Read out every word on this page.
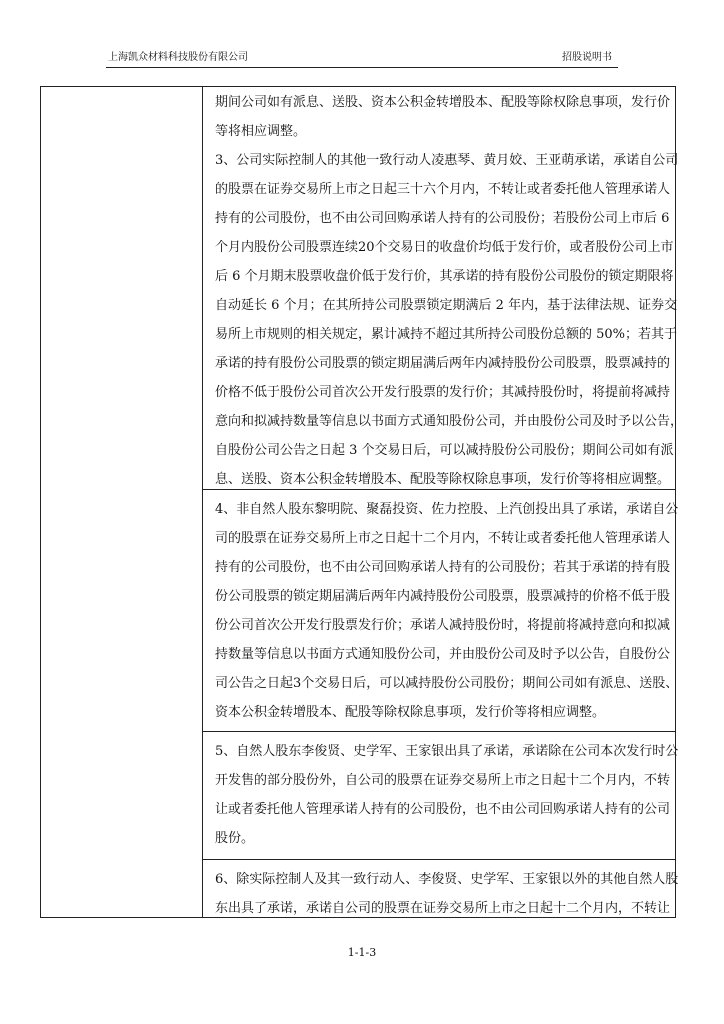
上海凯众材料科技股份有限公司	招股说明书
期间公司如有派息、送股、资本公积金转增股本、配股等除权除息事项，发行价
等将相应调整。
3、公司实际控制人的其他一致行动人凌惠琴、黄月姣、王亚萌承诺，承诺自公司
的股票在证券交易所上市之日起三十六个月内，不转让或者委托他人管理承诺人
持有的公司股份，也不由公司回购承诺人持有的公司股份；若股份公司上市后 6
个月内股份公司股票连续20个交易日的收盘价均低于发行价，或者股份公司上市
后 6 个月期末股票收盘价低于发行价，其承诺的持有股份公司股份的锁定期限将
自动延长 6 个月；在其所持公司股票锁定期满后 2 年内，基于法律法规、证券交
易所上市规则的相关规定，累计减持不超过其所持公司股份总额的 50%；若其于
承诺的持有股份公司股票的锁定期届满后两年内减持股份公司股票，股票减持的
价格不低于股份公司首次公开发行股票的发行价；其减持股份时，将提前将减持
意向和拟减持数量等信息以书面方式通知股份公司，并由股份公司及时予以公告，
自股份公司公告之日起 3 个交易日后，可以减持股份公司股份；期间公司如有派
息、送股、资本公积金转增股本、配股等除权除息事项，发行价等将相应调整。
4、非自然人股东黎明院、聚磊投资、佐力控股、上汽创投出具了承诺，承诺自公
司的股票在证券交易所上市之日起十二个月内，不转让或者委托他人管理承诺人
持有的公司股份，也不由公司回购承诺人持有的公司股份；若其于承诺的持有股
份公司股票的锁定期届满后两年内减持股份公司股票，股票减持的价格不低于股
份公司首次公开发行股票发行价；承诺人减持股份时，将提前将减持意向和拟减
持数量等信息以书面方式通知股份公司，并由股份公司及时予以公告，自股份公
司公告之日起3个交易日后，可以减持股份公司股份；期间公司如有派息、送股、
资本公积金转增股本、配股等除权除息事项，发行价等将相应调整。
5、自然人股东李俊贤、史学军、王家银出具了承诺，承诺除在公司本次发行时公
开发售的部分股份外，自公司的股票在证券交易所上市之日起十二个月内，不转
让或者委托他人管理承诺人持有的公司股份，也不由公司回购承诺人持有的公司
股份。
6、除实际控制人及其一致行动人、李俊贤、史学军、王家银以外的其他自然人股
东出具了承诺，承诺自公司的股票在证券交易所上市之日起十二个月内，不转让
1-1-3
